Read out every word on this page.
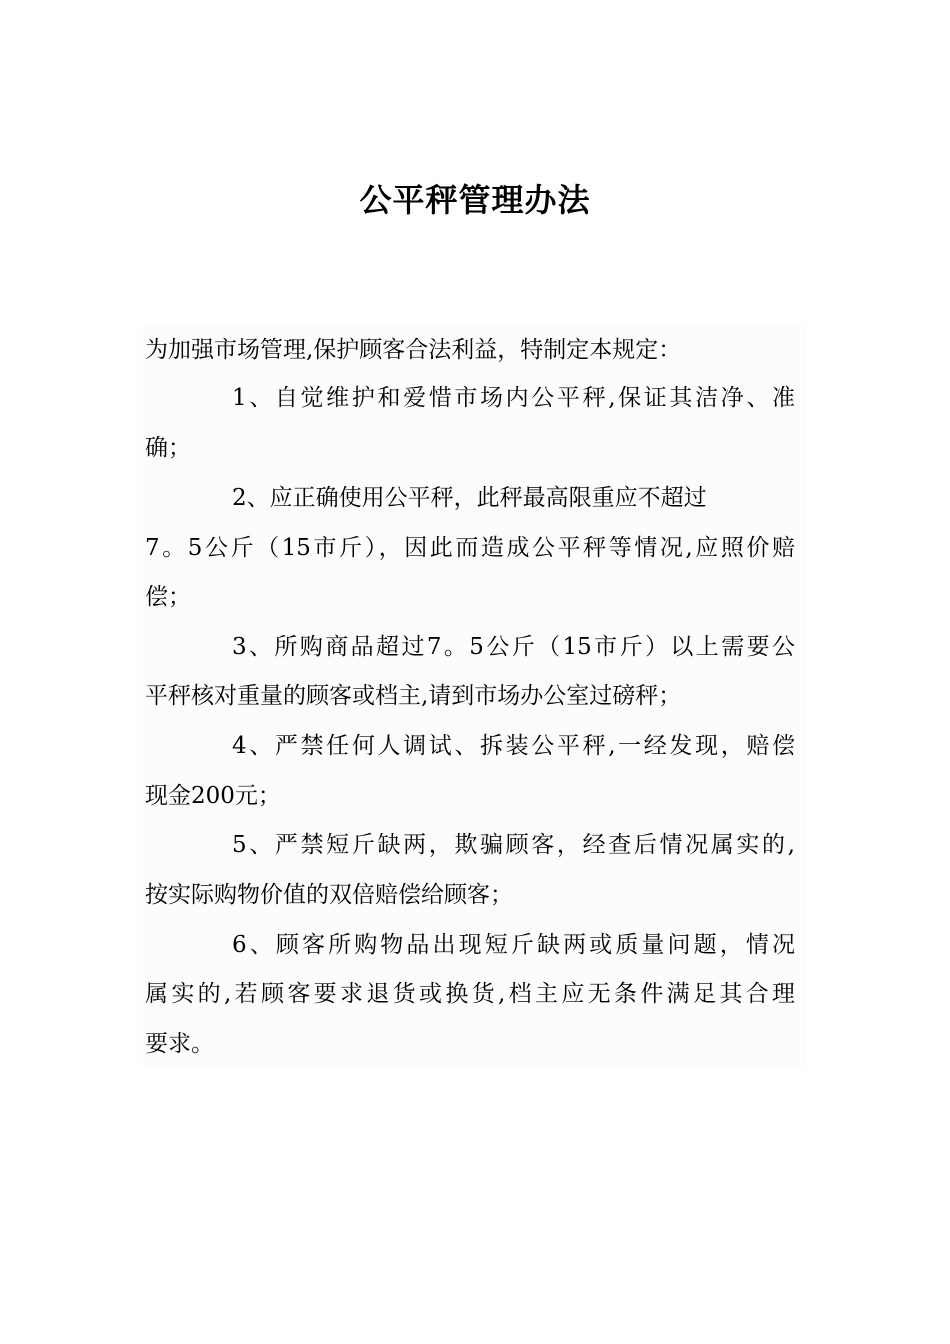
公平秤管理办法
为加强市场管理,保护顾客合法利益，特制定本规定：
1、自觉维护和爱惜市场内公平秤,保证其洁净、准
确；
2、应正确使用公平秤，此秤最高限重应不超过
7。5公斤（15市斤），因此而造成公平秤等情况,应照价赔
偿；
3、所购商品超过7。5公斤（15市斤）以上需要公
平秤核对重量的顾客或档主,请到市场办公室过磅秤；
4、严禁任何人调试、拆装公平秤,一经发现，赔偿
现金200元；
5、严禁短斤缺两，欺骗顾客，经查后情况属实的,
按实际购物价值的双倍赔偿给顾客；
6、顾客所购物品出现短斤缺两或质量问题，情况
属实的,若顾客要求退货或换货,档主应无条件满足其合理
要求。
